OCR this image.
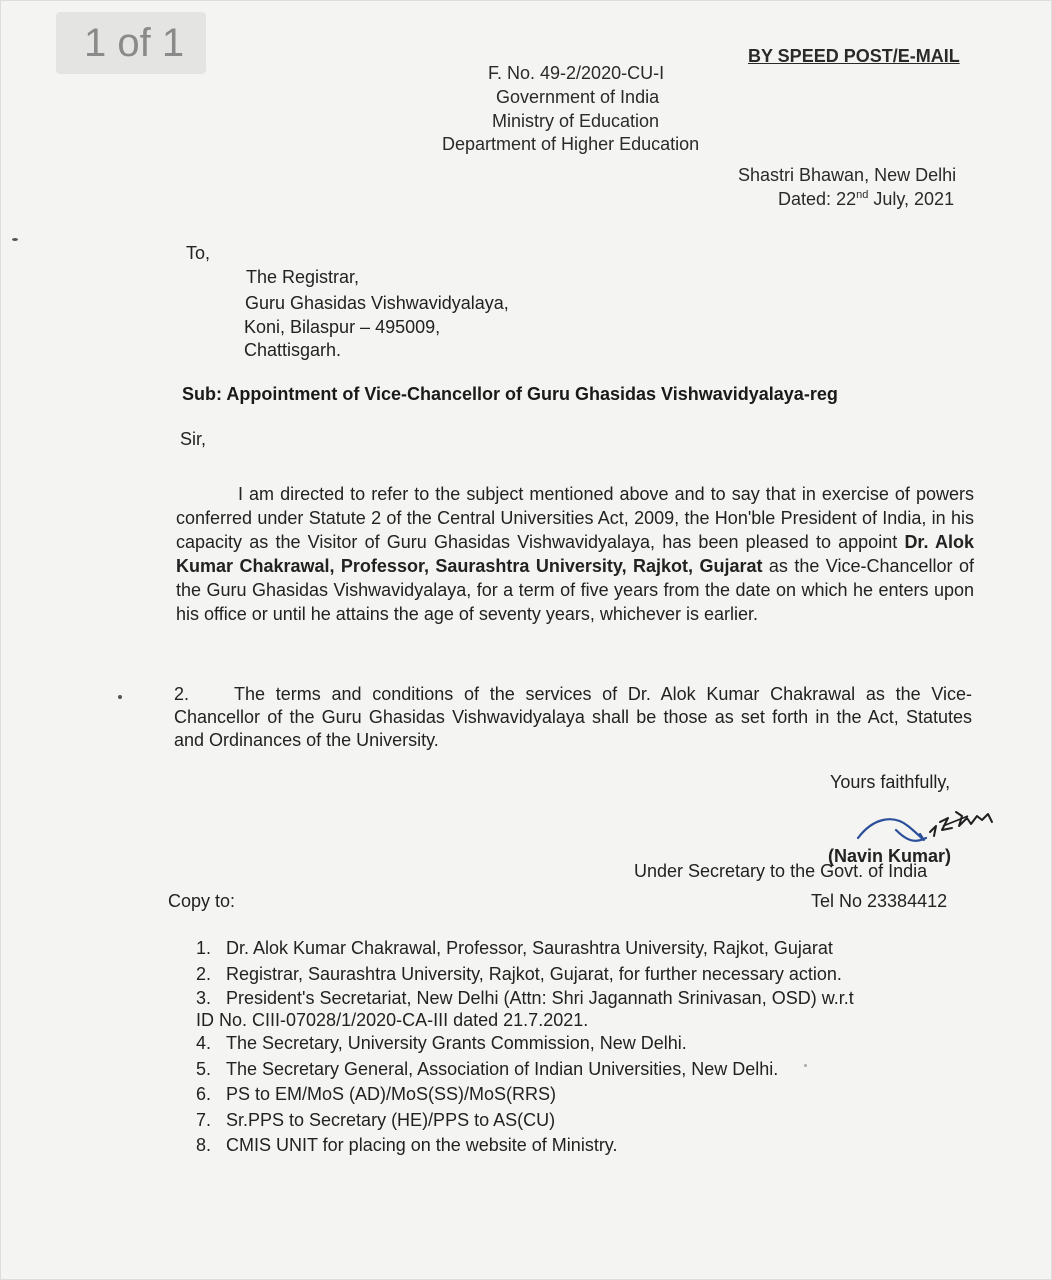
1 of 1	BY SPEED POST/E-MAIL
F. No. 49-2/2020-CU-I
Government of India
Ministry of Education
Department of Higher Education
Shastri Bhawan, New Delhi
Dated: 22nd July, 2021
To,
The Registrar,
Guru Ghasidas Vishwavidyalaya,
Koni, Bilaspur – 495009,
Chattisgarh.
Sub: Appointment of Vice-Chancellor of Guru Ghasidas Vishwavidyalaya-reg
Sir,
I am directed to refer to the subject mentioned above and to say that in exercise of powers conferred under Statute 2 of the Central Universities Act, 2009, the Hon'ble President of India, in his capacity as the Visitor of Guru Ghasidas Vishwavidyalaya, has been pleased to appoint Dr. Alok Kumar Chakrawal, Professor, Saurashtra University, Rajkot, Gujarat as the Vice-Chancellor of the Guru Ghasidas Vishwavidyalaya, for a term of five years from the date on which he enters upon his office or until he attains the age of seventy years, whichever is earlier.
2.	The terms and conditions of the services of Dr. Alok Kumar Chakrawal as the Vice-Chancellor of the Guru Ghasidas Vishwavidyalaya shall be those as set forth in the Act, Statutes and Ordinances of the University.
Yours faithfully,
(Navin Kumar)
Under Secretary to the Govt. of India
Tel No 23384412
Copy to:
1. Dr. Alok Kumar Chakrawal, Professor, Saurashtra University, Rajkot, Gujarat
2. Registrar, Saurashtra University, Rajkot, Gujarat, for further necessary action.
3. President's Secretariat, New Delhi (Attn: Shri Jagannath Srinivasan, OSD) w.r.t
ID No. CIII-07028/1/2020-CA-III dated 21.7.2021.
4. The Secretary, University Grants Commission, New Delhi.
5. The Secretary General, Association of Indian Universities, New Delhi.
6. PS to EM/MoS (AD)/MoS(SS)/MoS(RRS)
7. Sr.PPS to Secretary (HE)/PPS to AS(CU)
8. CMIS UNIT for placing on the website of Ministry.
